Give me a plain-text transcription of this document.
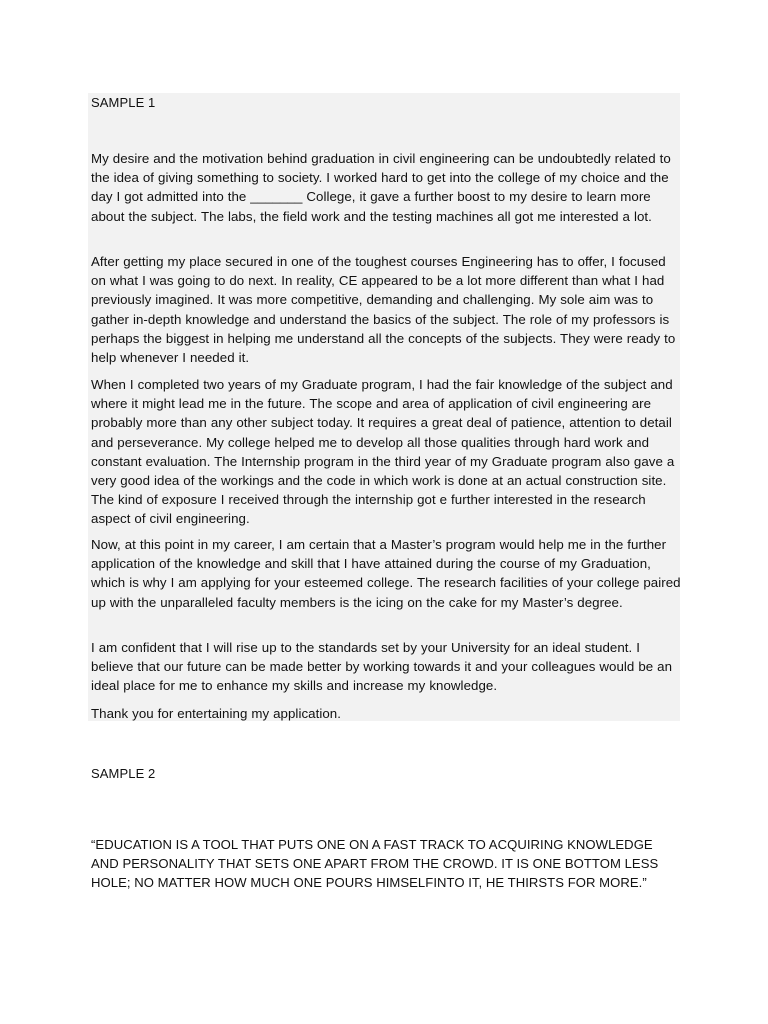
SAMPLE 1

My desire and the motivation behind graduation in civil engineering can be undoubtedly related to the idea of giving something to society. I worked hard to get into the college of my choice and the day I got admitted into the _______ College, it gave a further boost to my desire to learn more about the subject. The labs, the field work and the testing machines all got me interested a lot.

After getting my place secured in one of the toughest courses Engineering has to offer, I focused on what I was going to do next. In reality, CE appeared to be a lot more different than what I had previously imagined. It was more competitive, demanding and challenging. My sole aim was to gather in-depth knowledge and understand the basics of the subject. The role of my professors is perhaps the biggest in helping me understand all the concepts of the subjects. They were ready to help whenever I needed it.

When I completed two years of my Graduate program, I had the fair knowledge of the subject and where it might lead me in the future. The scope and area of application of civil engineering are probably more than any other subject today. It requires a great deal of patience, attention to detail and perseverance. My college helped me to develop all those qualities through hard work and constant evaluation. The Internship program in the third year of my Graduate program also gave a very good idea of the workings and the code in which work is done at an actual construction site. The kind of exposure I received through the internship got e further interested in the research aspect of civil engineering.

Now, at this point in my career, I am certain that a Master’s program would help me in the further application of the knowledge and skill that I have attained during the course of my Graduation, which is why I am applying for your esteemed college. The research facilities of your college paired up with the unparalleled faculty members is the icing on the cake for my Master’s degree.

I am confident that I will rise up to the standards set by your University for an ideal student. I believe that our future can be made better by working towards it and your colleagues would be an ideal place for me to enhance my skills and increase my knowledge.

Thank you for entertaining my application.

SAMPLE 2

“EDUCATION IS A TOOL THAT PUTS ONE ON A FAST TRACK TO ACQUIRING KNOWLEDGE AND PERSONALITY THAT SETS ONE APART FROM THE CROWD. IT IS ONE BOTTOM LESS HOLE; NO MATTER HOW MUCH ONE POURS HIMSELFINTO IT, HE THIRSTS FOR MORE.”
